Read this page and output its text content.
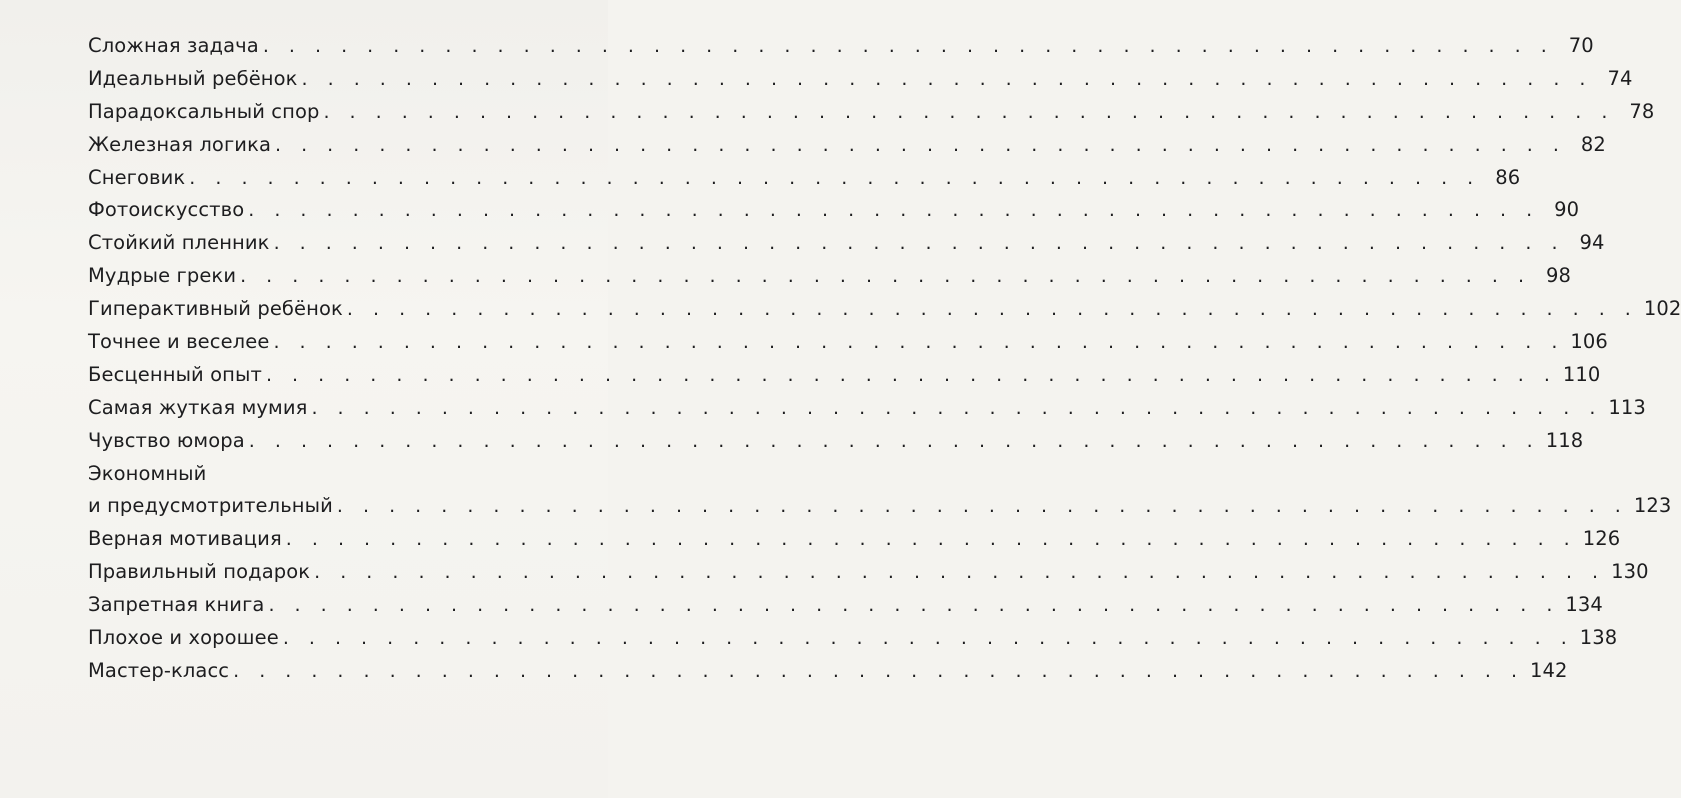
Сложная задача . . . . . . . . . . . . . . . . . . . . . . . . . . . . . . . . . . . . . . . . . . . . . . . . . . 70
Идеальный ребёнок . . . . . . . . . . . . . . . . . . . . . . . . . . . . . . . . . . . . . . . . . . . . . . . . . . 74
Парадоксальный спор . . . . . . . . . . . . . . . . . . . . . . . . . . . . . . . . . . . . . . . . . . . . . . . . . . 78
Железная логика . . . . . . . . . . . . . . . . . . . . . . . . . . . . . . . . . . . . . . . . . . . . . . . . . . 82
Снеговик . . . . . . . . . . . . . . . . . . . . . . . . . . . . . . . . . . . . . . . . . . . . . . . . . . 86
Фотоискусство . . . . . . . . . . . . . . . . . . . . . . . . . . . . . . . . . . . . . . . . . . . . . . . . . . 90
Стойкий пленник . . . . . . . . . . . . . . . . . . . . . . . . . . . . . . . . . . . . . . . . . . . . . . . . . . 94
Мудрые греки . . . . . . . . . . . . . . . . . . . . . . . . . . . . . . . . . . . . . . . . . . . . . . . . . . 98
Гиперактивный ребёнок . . . . . . . . . . . . . . . . . . . . . . . . . . . . . . . . . . . . . . . . . . . . . . . . . . 102
Точнее и веселее . . . . . . . . . . . . . . . . . . . . . . . . . . . . . . . . . . . . . . . . . . . . . . . . . . 106
Бесценный опыт . . . . . . . . . . . . . . . . . . . . . . . . . . . . . . . . . . . . . . . . . . . . . . . . . . 110
Самая жуткая мумия . . . . . . . . . . . . . . . . . . . . . . . . . . . . . . . . . . . . . . . . . . . . . . . . . . 113
Чувство юмора . . . . . . . . . . . . . . . . . . . . . . . . . . . . . . . . . . . . . . . . . . . . . . . . . . 118
Экономный
и предусмотрительный . . . . . . . . . . . . . . . . . . . . . . . . . . . . . . . . . . . . . . . . . . . . . . . . . . 123
Верная мотивация . . . . . . . . . . . . . . . . . . . . . . . . . . . . . . . . . . . . . . . . . . . . . . . . . . 126
Правильный подарок . . . . . . . . . . . . . . . . . . . . . . . . . . . . . . . . . . . . . . . . . . . . . . . . . . 130
Запретная книга . . . . . . . . . . . . . . . . . . . . . . . . . . . . . . . . . . . . . . . . . . . . . . . . . . 134
Плохое и хорошее . . . . . . . . . . . . . . . . . . . . . . . . . . . . . . . . . . . . . . . . . . . . . . . . . . 138
Мастер-класс . . . . . . . . . . . . . . . . . . . . . . . . . . . . . . . . . . . . . . . . . . . . . . . . . . 142
